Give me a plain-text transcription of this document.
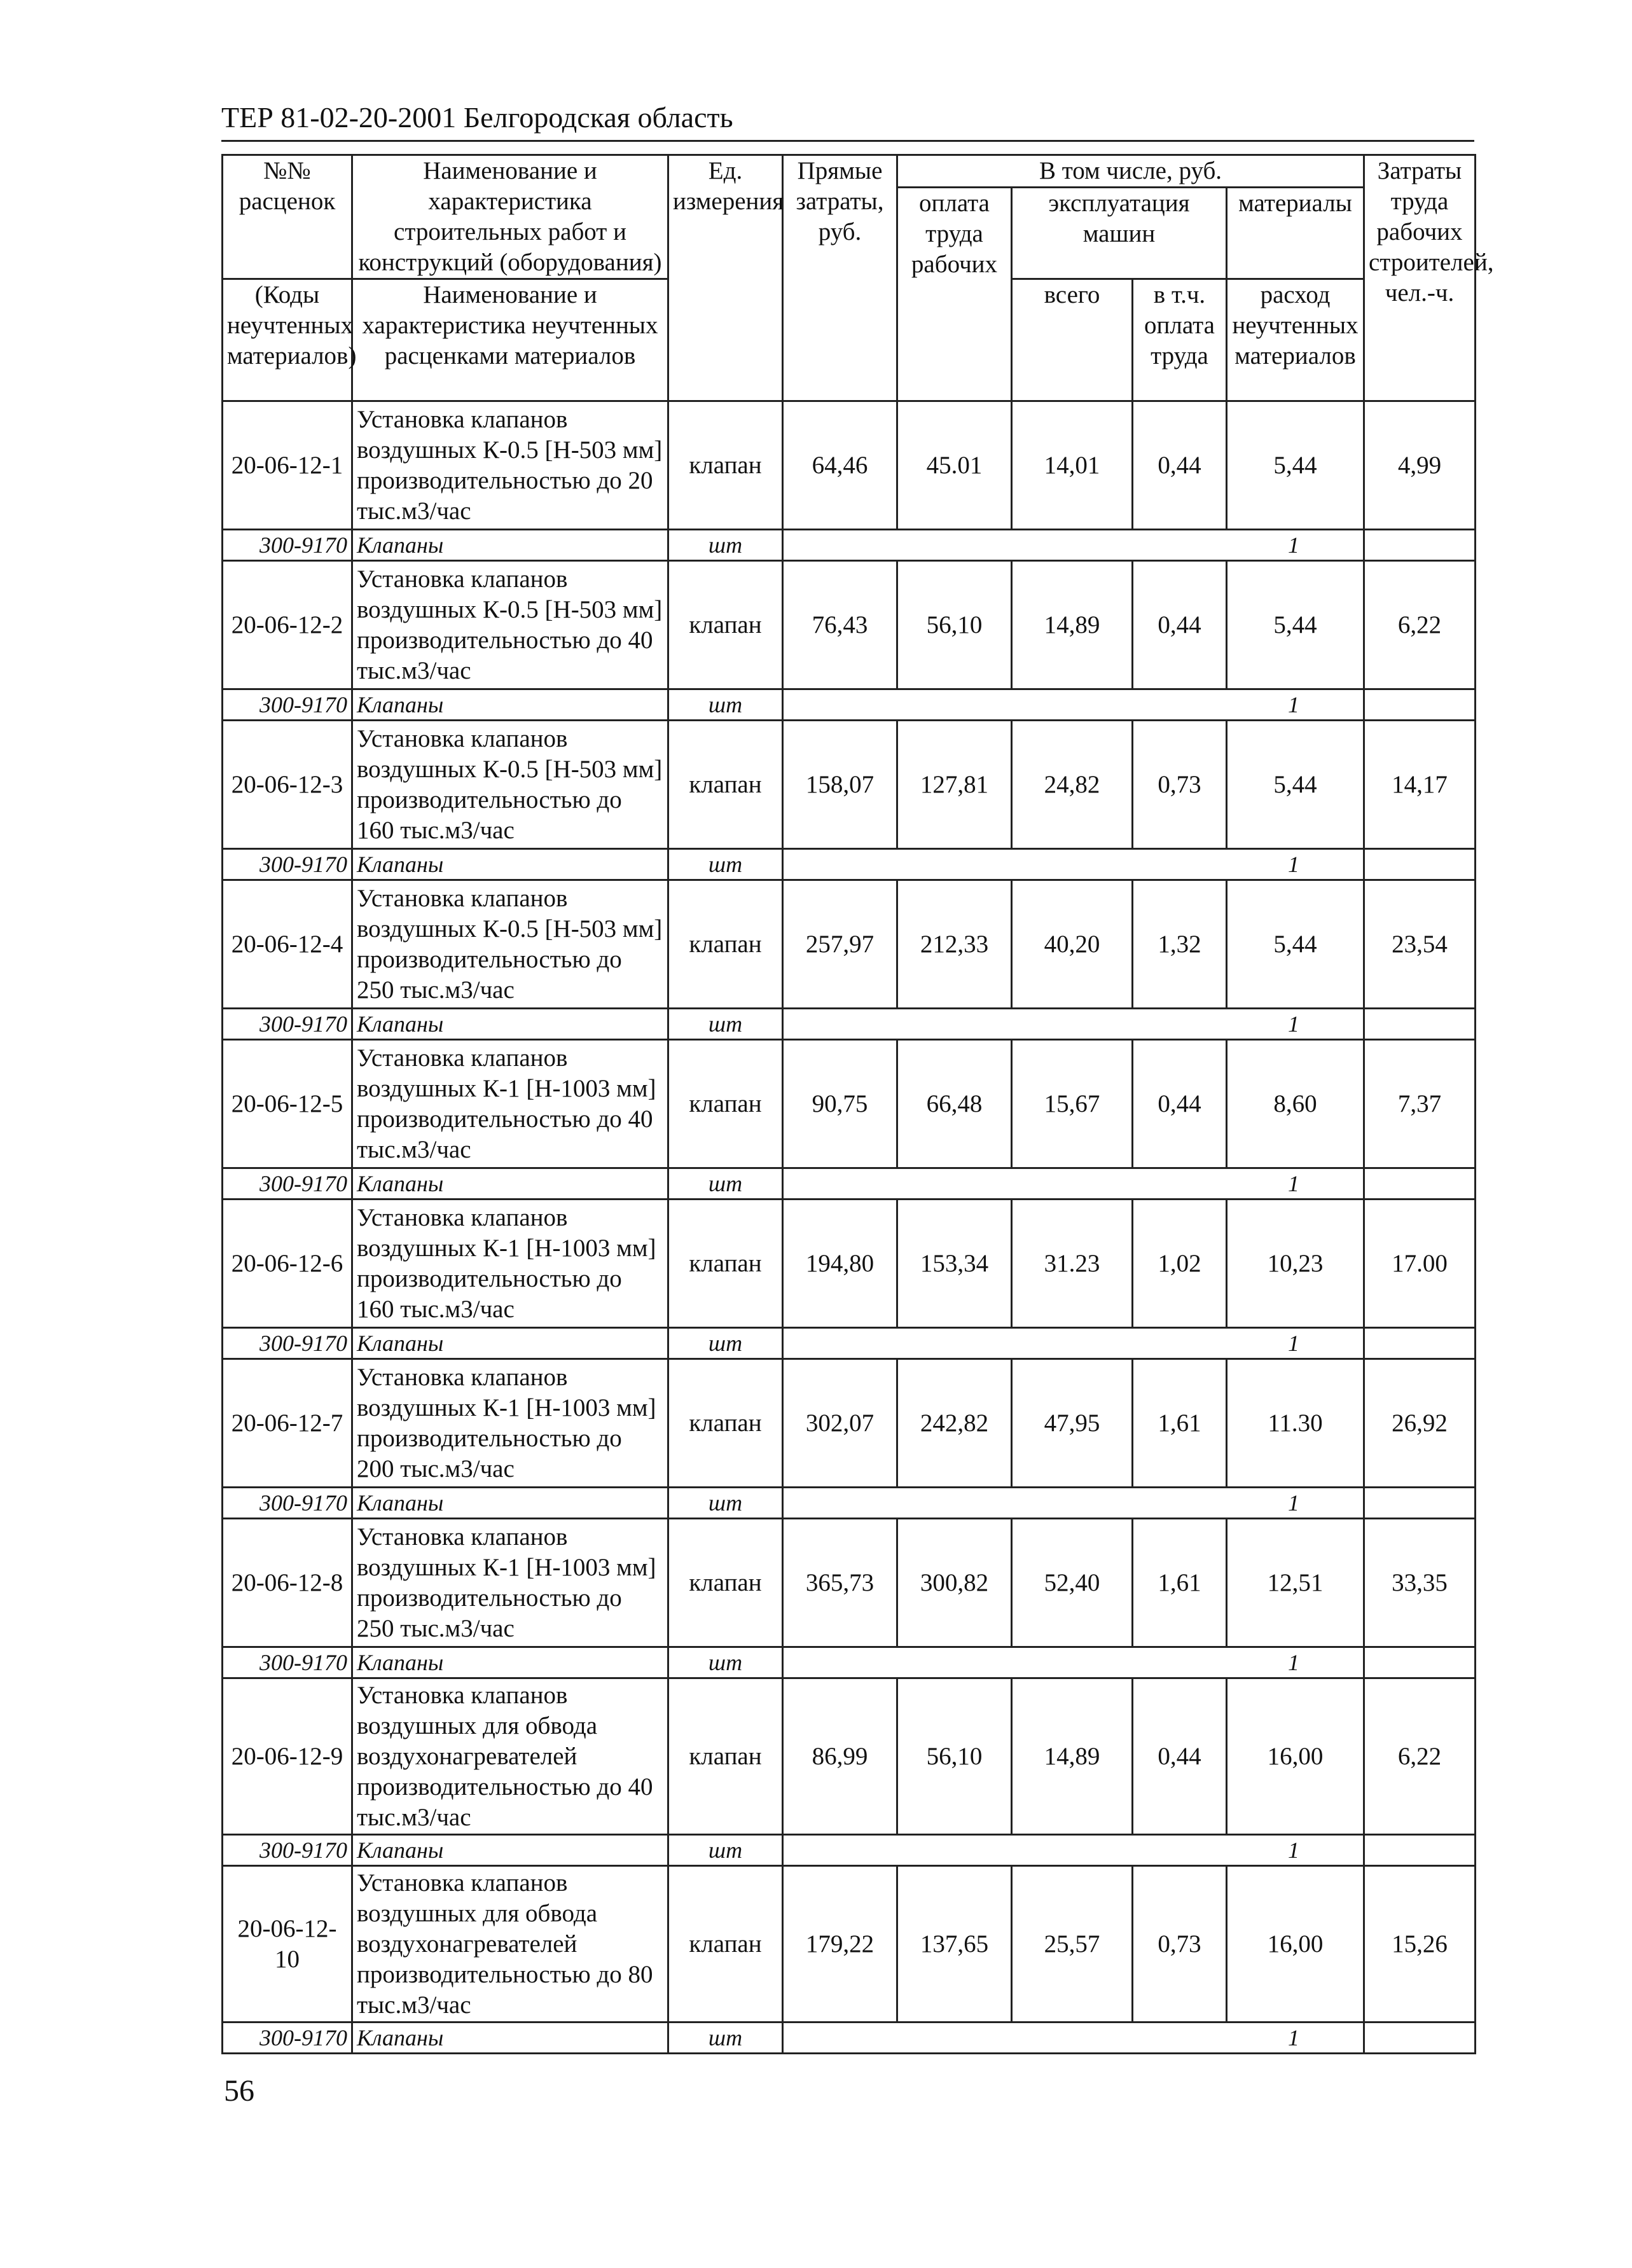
ТЕР 81-02-20-2001 Белгородская область
№№ расценок	Наименование и характеристика строительных работ и конструкций (оборудования)	Ед. измерения	Прямые затраты, руб.	В том числе, руб.				Затраты труда рабочих строителей, чел.-ч.
				оплата труда рабочих	эксплуатация машин		материалы	

(Коды неучтенных материалов)	Наименование и характеристика неучтенных расценками материалов				всего	в т.ч. оплата труда	расход неучтенных материалов	

20-06-12-1	Установка клапанов воздушных К-0.5 [Н-503 мм] производительностью до 20 тыс.м3/час	клапан	64,46	45.01	14,01	0,44	5,44	4,99
300-9170	Клапаны	шт	1					
20-06-12-2	Установка клапанов воздушных К-0.5 [Н-503 мм] производительностью до 40 тыс.м3/час	клапан	76,43	56,10	14,89	0,44	5,44	6,22
300-9170	Клапаны	шт	1					
20-06-12-3	Установка клапанов воздушных К-0.5 [Н-503 мм] производительностью до 160 тыс.м3/час	клапан	158,07	127,81	24,82	0,73	5,44	14,17
300-9170	Клапаны	шт	1					
20-06-12-4	Установка клапанов воздушных К-0.5 [Н-503 мм] производительностью до 250 тыс.м3/час	клапан	257,97	212,33	40,20	1,32	5,44	23,54
300-9170	Клапаны	шт	1					
20-06-12-5	Установка клапанов воздушных К-1 [Н-1003 мм] производительностью до 40 тыс.м3/час	клапан	90,75	66,48	15,67	0,44	8,60	7,37
300-9170	Клапаны	шт	1					
20-06-12-6	Установка клапанов воздушных К-1 [Н-1003 мм] производительностью до 160 тыс.м3/час	клапан	194,80	153,34	31.23	1,02	10,23	17.00
300-9170	Клапаны	шт	1					
20-06-12-7	Установка клапанов воздушных К-1 [Н-1003 мм] производительностью до 200 тыс.м3/час	клапан	302,07	242,82	47,95	1,61	11.30	26,92
300-9170	Клапаны	шт	1					
20-06-12-8	Установка клапанов воздушных К-1 [Н-1003 мм] производительностью до 250 тыс.м3/час	клапан	365,73	300,82	52,40	1,61	12,51	33,35
300-9170	Клапаны	шт	1					
20-06-12-9	Установка клапанов воздушных для обвода воздухонагревателей производительностью до 40 тыс.м3/час	клапан	86,99	56,10	14,89	0,44	16,00	6,22
300-9170	Клапаны	шт	1					
20-06-12-10	Установка клапанов воздушных для обвода воздухонагревателей производительностью до 80 тыс.м3/час	клапан	179,22	137,65	25,57	0,73	16,00	15,26
300-9170	Клапаны	шт	1					
56
